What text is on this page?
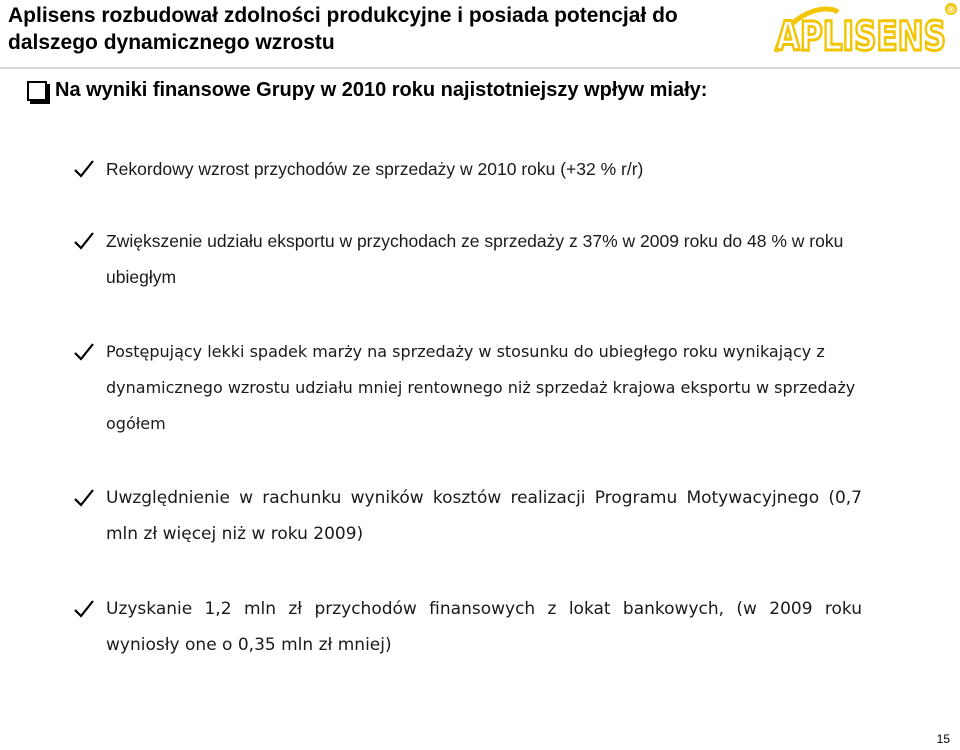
Aplisens rozbudował zdolności produkcyjne i posiada potencjał do dalszego dynamicznego wzrostu	APLISENS
®
Na wyniki finansowe Grupy w 2010 roku najistotniejszy wpływ miały:
Rekordowy wzrost przychodów ze sprzedaży w 2010 roku (+32 % r/r)
Zwiększenie udziału eksportu w przychodach ze sprzedaży z 37% w 2009 roku do 48 % w roku ubiegłym
Postępujący lekki spadek marży na sprzedaży w stosunku do ubiegłego roku wynikający z dynamicznego wzrostu udziału mniej rentownego niż sprzedaż krajowa eksportu w sprzedaży ogółem
Uwzględnienie w rachunku wyników kosztów realizacji Programu Motywacyjnego (0,7 mln zł więcej niż w roku 2009)
Uzyskanie 1,2 mln zł przychodów finansowych z lokat bankowych, (w 2009 roku wyniosły one o 0,35 mln zł mniej)
15
